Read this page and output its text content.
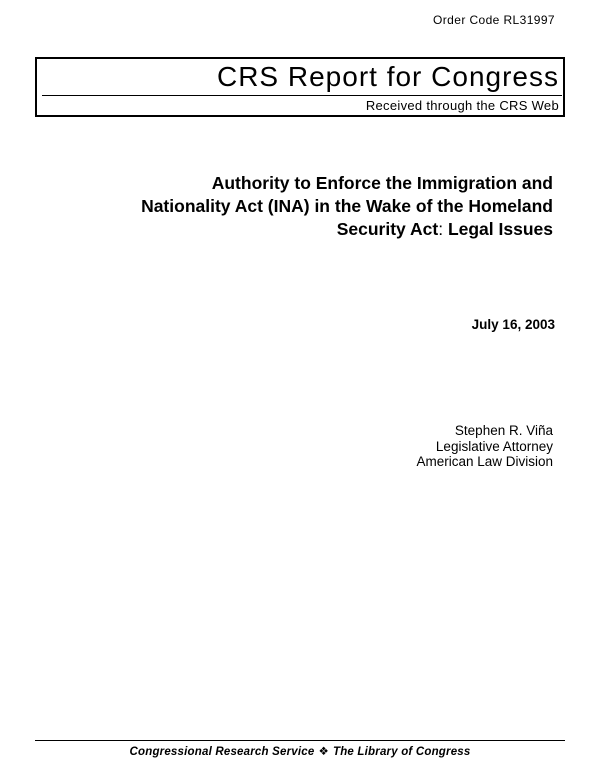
Order Code RL31997
CRS Report for Congress
Received through the CRS Web
Authority to Enforce the Immigration and
Nationality Act (INA) in the Wake of the Homeland
Security Act: Legal Issues
July 16, 2003
Stephen R. Viña
Legislative Attorney
American Law Division
Congressional Research Service ❖ The Library of Congress
